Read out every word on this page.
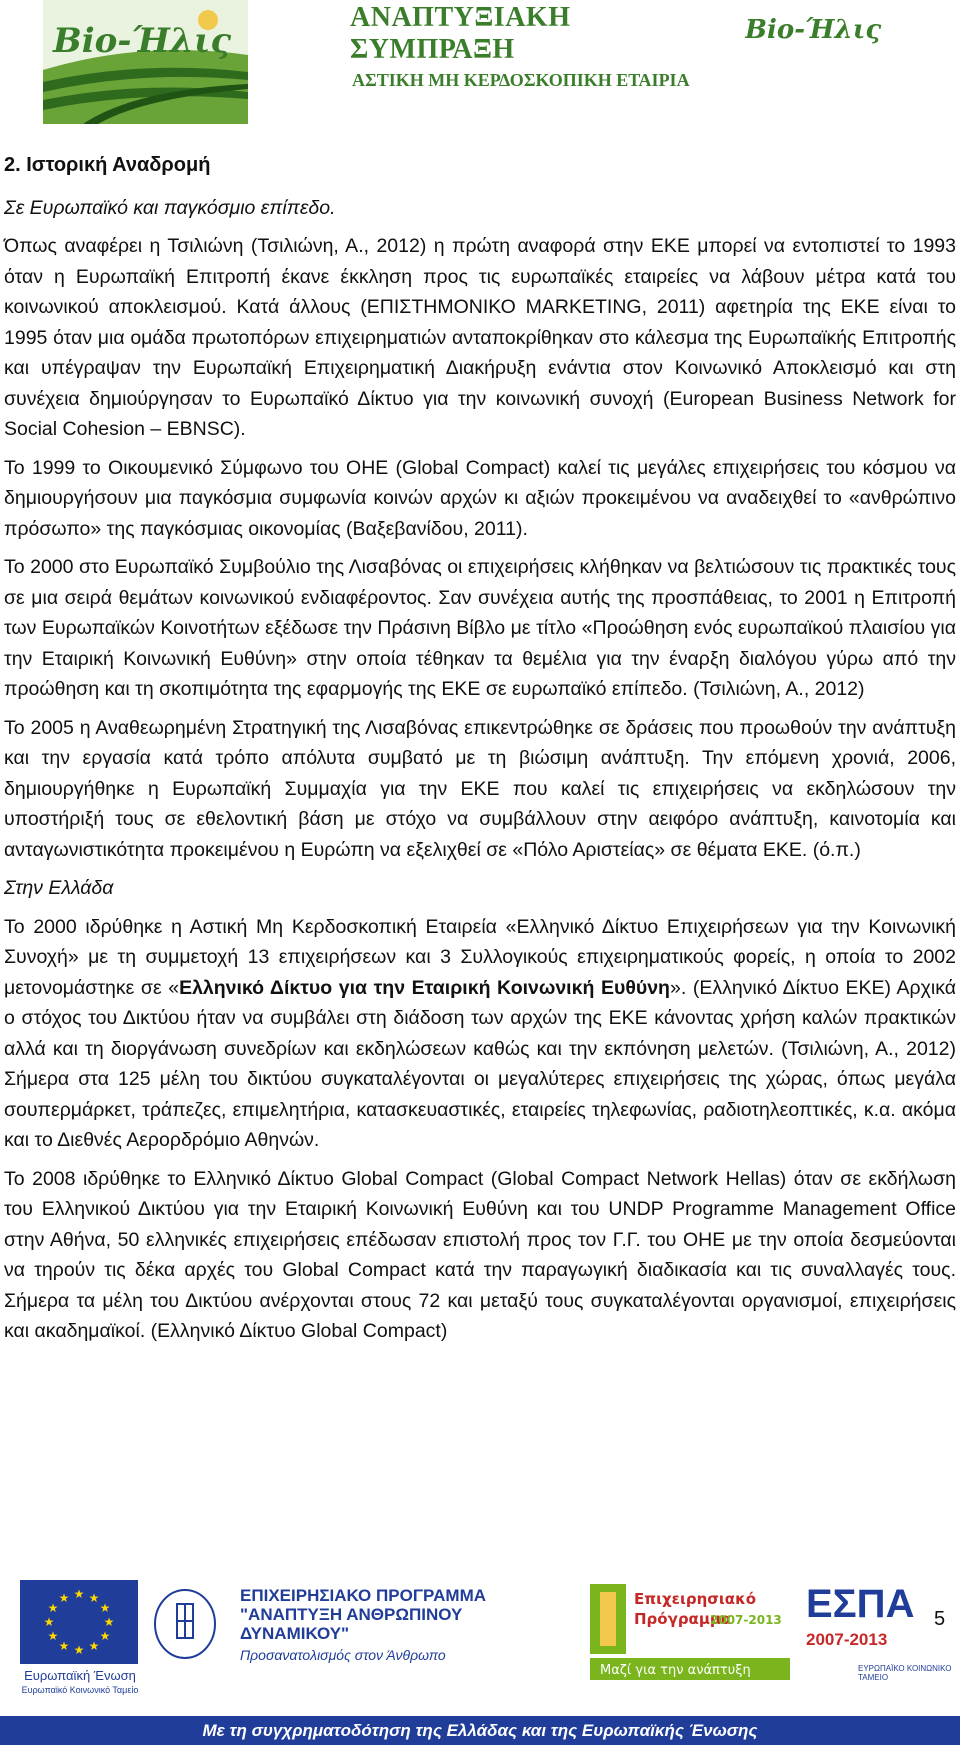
Bio-Ήλις
ΑΝΑΠΤΥΞΙΑΚΗ ΣΥΜΠΡΑΞΗ
ΑΣΤΙΚΗ ΜΗ ΚΕΡΔΟΣΚΟΠΙΚΗ ΕΤΑΙΡΙΑ
Bio-Ήλις
2. Ιστορική Αναδρομή

Σε Ευρωπαϊκό και παγκόσμιο επίπεδο.

Όπως αναφέρει η Τσιλιώνη (Τσιλιώνη, Α., 2012) η πρώτη αναφορά στην ΕΚΕ μπορεί να εντοπιστεί το 1993 όταν η Ευρωπαϊκή Επιτροπή έκανε έκκληση προς τις ευρωπαϊκές εταιρείες να λάβουν μέτρα κατά του κοινωνικού αποκλεισμού. Κατά άλλους (ΕΠΙΣΤΗΜΟΝΙΚΟ MARKETING, 2011) αφετηρία της ΕΚΕ είναι το 1995 όταν μια ομάδα πρωτοπόρων επιχειρηματιών ανταποκρίθηκαν στο κάλεσμα της Ευρωπαϊκής Επιτροπής και υπέγραψαν την Ευρωπαϊκή Επιχειρηματική Διακήρυξη ενάντια στον Κοινωνικό Αποκλεισμό και στη συνέχεια δημιούργησαν το Ευρωπαϊκό Δίκτυο για την κοινωνική συνοχή (European Business Network for Social Cohesion – EBNSC).

Το 1999 το Οικουμενικό Σύμφωνο του ΟΗΕ (Global Compact) καλεί τις μεγάλες επιχειρήσεις του κόσμου να δημιουργήσουν μια παγκόσμια συμφωνία κοινών αρχών κι αξιών προκειμένου να αναδειχθεί το «ανθρώπινο πρόσωπο» της παγκόσμιας οικονομίας (Βαξεβανίδου, 2011).

Το 2000 στο Ευρωπαϊκό Συμβούλιο της Λισαβόνας οι επιχειρήσεις κλήθηκαν να βελτιώσουν τις πρακτικές τους σε μια σειρά θεμάτων κοινωνικού ενδιαφέροντος. Σαν συνέχεια αυτής της προσπάθειας, το 2001 η Επιτροπή των Ευρωπαϊκών Κοινοτήτων εξέδωσε την Πράσινη Βίβλο με τίτλο «Προώθηση ενός ευρωπαϊκού πλαισίου για την Εταιρική Κοινωνική Ευθύνη» στην οποία τέθηκαν τα θεμέλια για την έναρξη διαλόγου γύρω από την προώθηση και τη σκοπιμότητα της εφαρμογής της ΕΚΕ σε ευρωπαϊκό επίπεδο. (Τσιλιώνη, Α., 2012)

Το 2005 η Αναθεωρημένη Στρατηγική της Λισαβόνας επικεντρώθηκε σε δράσεις που προωθούν την ανάπτυξη και την εργασία κατά τρόπο απόλυτα συμβατό με τη βιώσιμη ανάπτυξη. Την επόμενη χρονιά, 2006, δημιουργήθηκε η Ευρωπαϊκή Συμμαχία για την ΕΚΕ που καλεί τις επιχειρήσεις να εκδηλώσουν την υποστήριξή τους σε εθελοντική βάση με στόχο να συμβάλλουν στην αειφόρο ανάπτυξη, καινοτομία και ανταγωνιστικότητα προκειμένου η Ευρώπη να εξελιχθεί σε «Πόλο Αριστείας» σε θέματα ΕΚΕ. (ό.π.)

Στην Ελλάδα

Το 2000 ιδρύθηκε η Αστική Μη Κερδοσκοπική Εταιρεία «Ελληνικό Δίκτυο Επιχειρήσεων για την Κοινωνική Συνοχή» με τη συμμετοχή 13 επιχειρήσεων και 3 Συλλογικούς επιχειρηματικούς φορείς, η οποία το 2002 μετονομάστηκε σε «Ελληνικό Δίκτυο για την Εταιρική Κοινωνική Ευθύνη». (Ελληνικό Δίκτυο ΕΚΕ) Αρχικά ο στόχος του Δικτύου ήταν να συμβάλει στη διάδοση των αρχών της ΕΚΕ κάνοντας χρήση καλών πρακτικών αλλά και τη διοργάνωση συνεδρίων και εκδηλώσεων καθώς και την εκπόνηση μελετών. (Τσιλιώνη, Α., 2012) Σήμερα στα 125 μέλη του δικτύου συγκαταλέγονται οι μεγαλύτερες επιχειρήσεις της χώρας, όπως μεγάλα σουπερμάρκετ, τράπεζες, επιμελητήρια, κατασκευαστικές, εταιρείες τηλεφωνίας, ραδιοτηλεοπτικές, κ.α. ακόμα και το Διεθνές Αερορδρόμιο Αθηνών.

Το 2008 ιδρύθηκε το Ελληνικό Δίκτυο Global Compact (Global Compact Network Hellas) όταν σε εκδήλωση του Ελληνικού Δικτύου για την Εταιρική Κοινωνική Ευθύνη και του UNDP Programme Management Office στην Αθήνα, 50 ελληνικές επιχειρήσεις επέδωσαν επιστολή προς τον Γ.Γ. του ΟΗΕ με την οποία δεσμεύονται να τηρούν τις δέκα αρχές του Global Compact κατά την παραγωγική διαδικασία και τις συναλλαγές τους. Σήμερα τα μέλη του Δικτύου ανέρχονται στους 72 και μεταξύ τους συγκαταλέγονται οργανισμοί, επιχειρήσεις και ακαδημαϊκοί. (Ελληνικό Δίκτυο Global Compact)

5
★ ★
★
★
★
★
★
★
★
★
★
★
Ευρωπαϊκή Ένωση
Ευρωπαϊκό Κοινωνικό Ταμείο
ΕΠΙΧΕΙΡΗΣΙΑΚΟ ΠΡΟΓΡΑΜΜΑ
"ΑΝΑΠΤΥΞΗ ΑΝΘΡΩΠΙΝΟΥ ΔΥΝΑΜΙΚΟΥ"
Προσανατολισμός στον Άνθρωπο
Επιχειρησιακό
Πρόγραμμα
2007-2013
Μαζί για την ανάπτυξη
ΕΣΠΑ
2007-2013
ΕΥΡΩΠΑΪΚΟ ΚΟΙΝΩΝΙΚΟ ΤΑΜΕΙΟ
Με τη συγχρηματοδότηση της Ελλάδας και της Ευρωπαϊκής Ένωσης
